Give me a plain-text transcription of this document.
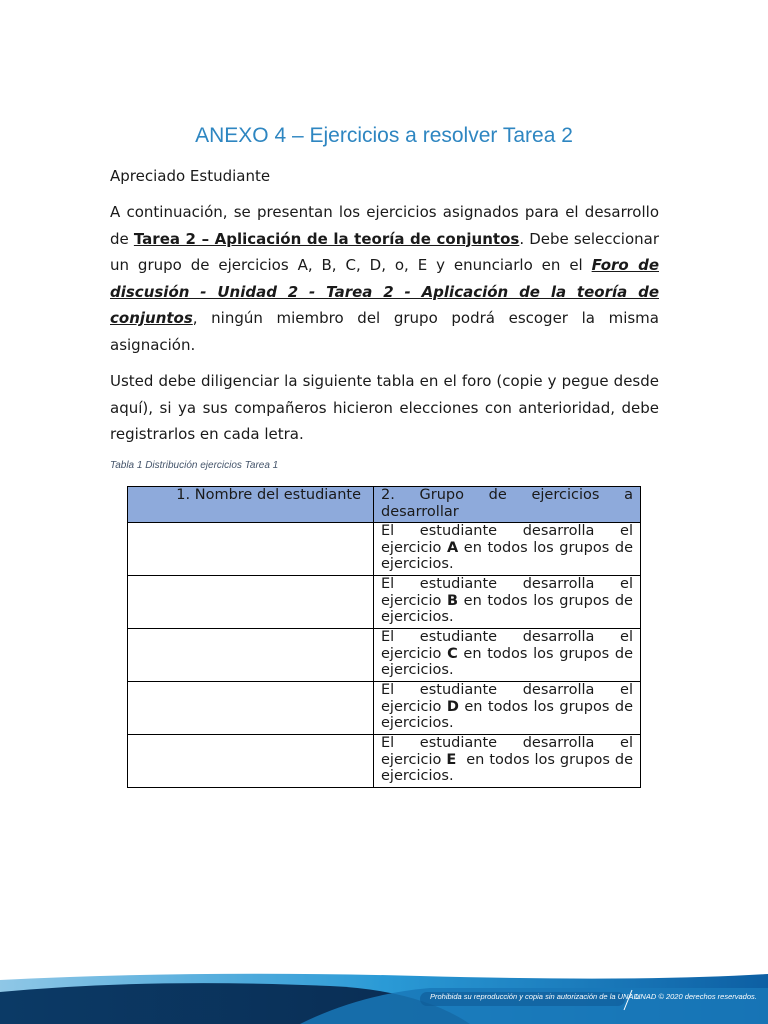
ANEXO 4 – Ejercicios a resolver Tarea 2

Apreciado Estudiante

A continuación, se presentan los ejercicios asignados para el desarrollo de Tarea 2 – Aplicación de la teoría de conjuntos. Debe seleccionar un grupo de ejercicios A, B, C, D, o, E y enunciarlo en el Foro de discusión - Unidad 2 - Tarea 2 - Aplicación de la teoría de conjuntos, ningún miembro del grupo podrá escoger la misma asignación.

Usted debe diligenciar la siguiente tabla en el foro (copie y pegue desde aquí), si ya sus compañeros hicieron elecciones con anterioridad, debe registrarlos en cada letra.

Tabla 1 Distribución ejercicios Tarea 1
1. Nombre del estudiante	2. Grupo de ejercicios a desarrollar
	El estudiante desarrolla el ejercicio A en todos los grupos de ejercicios.
	El estudiante desarrolla el ejercicio B en todos los grupos de ejercicios.
	El estudiante desarrolla el ejercicio C en todos los grupos de ejercicios.
	El estudiante desarrolla el ejercicio D en todos los grupos de ejercicios.
	El estudiante desarrolla el ejercicio E  en todos los grupos de ejercicios.
Prohibida su reproducción y copia sin autorización de la UNAD.
UNAD © 2020 derechos reservados.
